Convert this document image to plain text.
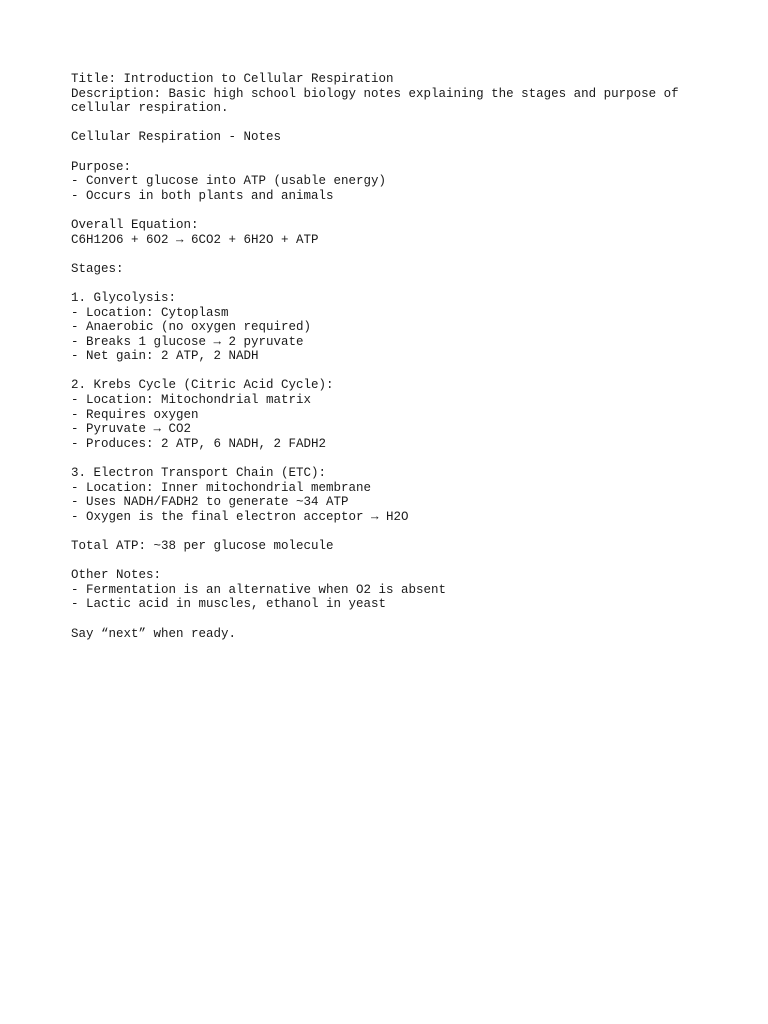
Title: Introduction to Cellular Respiration
Description: Basic high school biology notes explaining the stages and purpose of cellular respiration.
Cellular Respiration - Notes
Purpose:
- Convert glucose into ATP (usable energy)
- Occurs in both plants and animals
Overall Equation:
C6H12O6 + 6O2 → 6CO2 + 6H2O + ATP
Stages:
1. Glycolysis:
- Location: Cytoplasm
- Anaerobic (no oxygen required)
- Breaks 1 glucose → 2 pyruvate
- Net gain: 2 ATP, 2 NADH
2. Krebs Cycle (Citric Acid Cycle):
- Location: Mitochondrial matrix
- Requires oxygen
- Pyruvate → CO2
- Produces: 2 ATP, 6 NADH, 2 FADH2
3. Electron Transport Chain (ETC):
- Location: Inner mitochondrial membrane
- Uses NADH/FADH2 to generate ~34 ATP
- Oxygen is the final electron acceptor → H2O
Total ATP: ~38 per glucose molecule
Other Notes:
- Fermentation is an alternative when O2 is absent
- Lactic acid in muscles, ethanol in yeast
Say “next” when ready.
